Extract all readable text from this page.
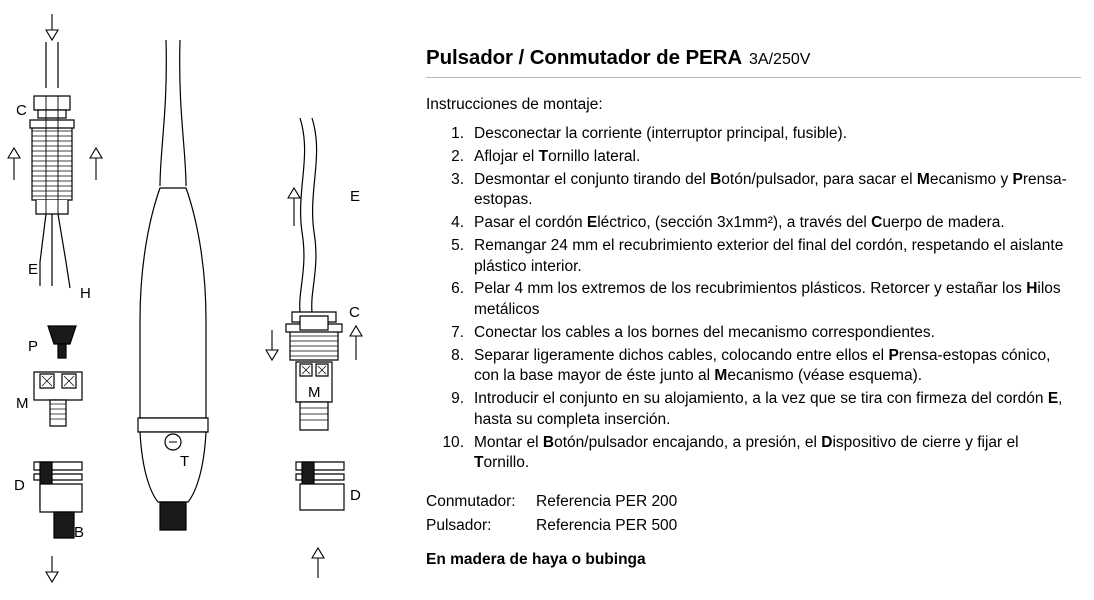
C
E
H
P
M
D
B
T
E
C
M
D
Pulsador / Conmutador de PERA 3A/250V

Instrucciones de montaje:

Desconectar la corriente (interruptor principal, fusible).
Aflojar el Tornillo lateral.
Desmontar el conjunto tirando del Botón/pulsador, para sacar el Mecanismo y Prensa-estopas.
Pasar el cordón Eléctrico, (sección 3x1mm²), a través del Cuerpo de madera.
Remangar 24 mm el recubrimiento exterior del final del cordón, respetando el aislante plástico interior.
Pelar 4 mm los extremos de los recubrimientos plásticos. Retorcer y estañar los Hilos metálicos
Conectar los cables a los bornes del mecanismo correspondientes.
Separar ligeramente dichos cables, colocando entre ellos el Prensa-estopas cónico, con la base mayor de éste junto al Mecanismo (véase esquema).
Introducir el conjunto en su alojamiento, a la vez que se tira con firmeza del cordón E, hasta su completa inserción.
Montar el Botón/pulsador encajando, a presión, el Dispositivo de cierre y fijar el Tornillo.
Conmutador:	Referencia PER 200
Pulsador:	Referencia PER 500
En madera de haya o bubinga
